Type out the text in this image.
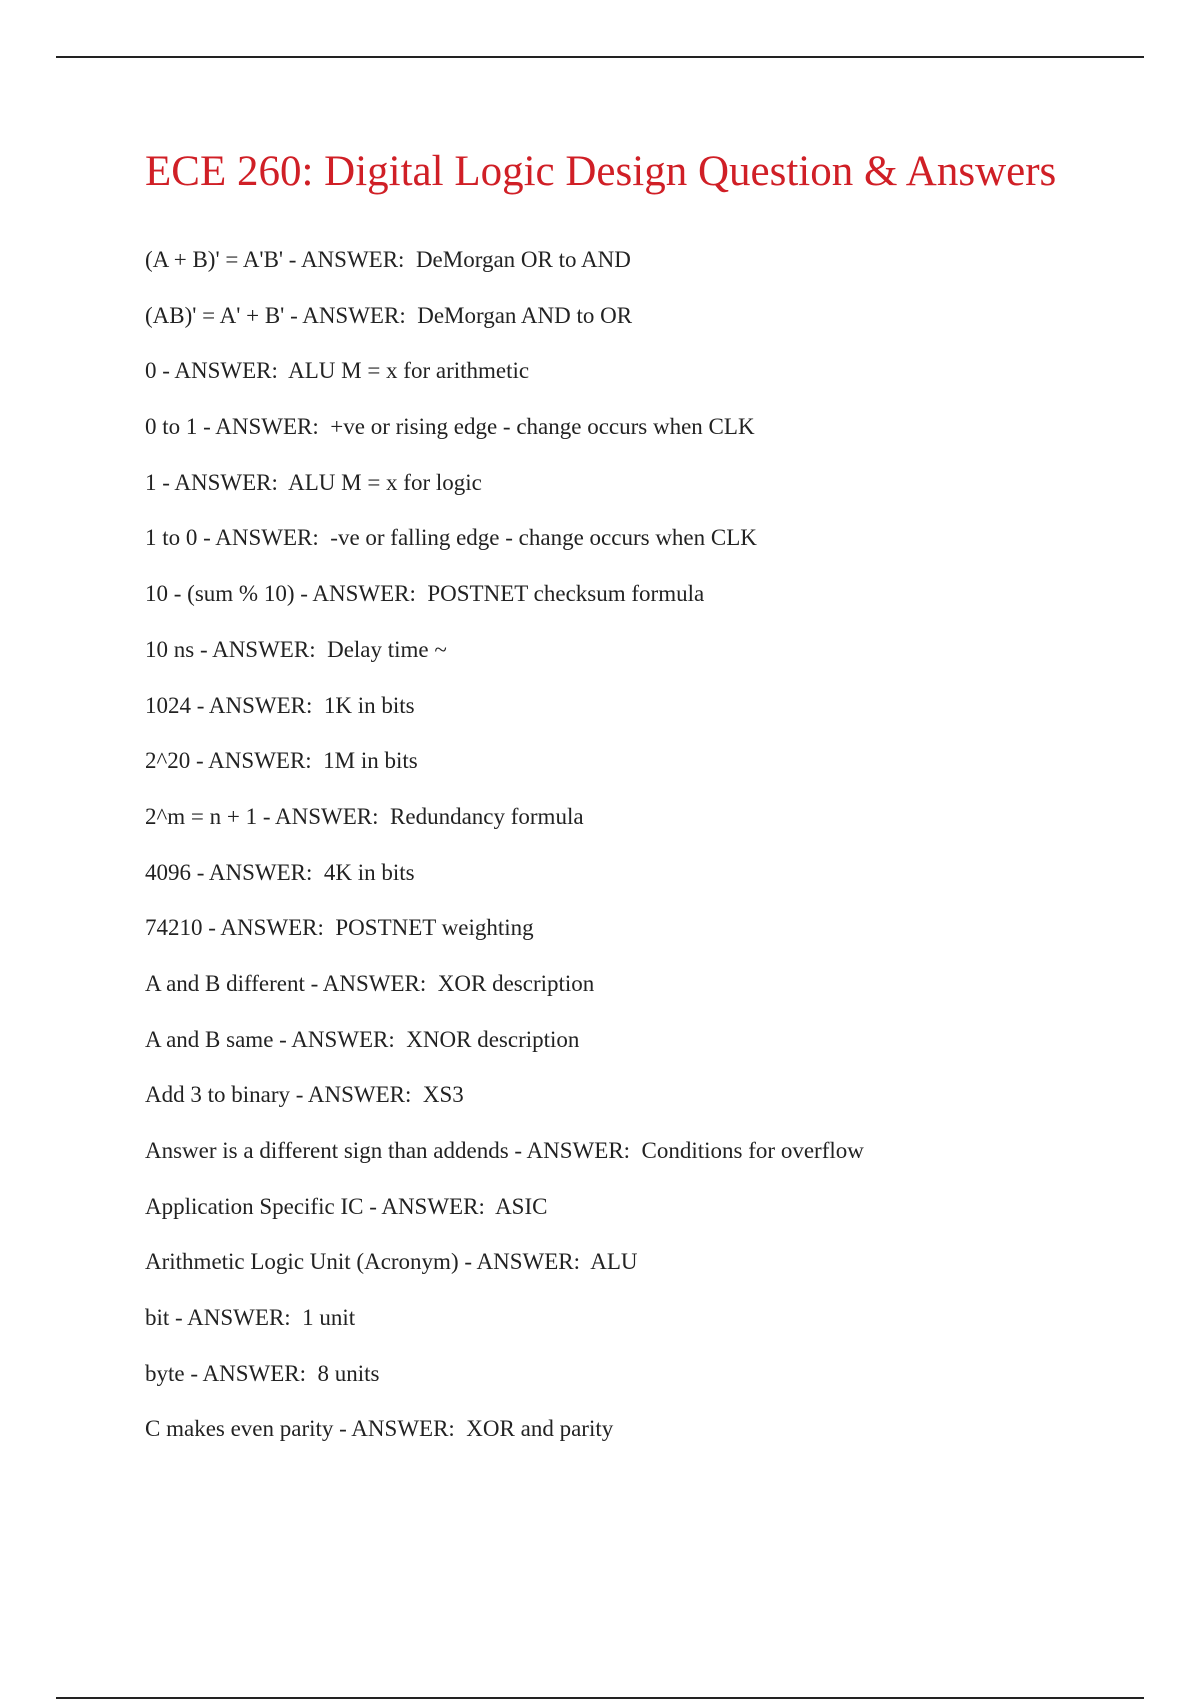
ECE 260: Digital Logic Design Question & Answers
(A + B)' = A'B' - ANSWER:  DeMorgan OR to AND
(AB)' = A' + B' - ANSWER:  DeMorgan AND to OR
0 - ANSWER:  ALU M = x for arithmetic
0 to 1 - ANSWER:  +ve or rising edge - change occurs when CLK
1 - ANSWER:  ALU M = x for logic
1 to 0 - ANSWER:  -ve or falling edge - change occurs when CLK
10 - (sum % 10) - ANSWER:  POSTNET checksum formula
10 ns - ANSWER:  Delay time ~
1024 - ANSWER:  1K in bits
2^20 - ANSWER:  1M in bits
2^m = n + 1 - ANSWER:  Redundancy formula
4096 - ANSWER:  4K in bits
74210 - ANSWER:  POSTNET weighting
A and B different - ANSWER:  XOR description
A and B same - ANSWER:  XNOR description
Add 3 to binary - ANSWER:  XS3
Answer is a different sign than addends - ANSWER:  Conditions for overflow
Application Specific IC - ANSWER:  ASIC
Arithmetic Logic Unit (Acronym) - ANSWER:  ALU
bit - ANSWER:  1 unit
byte - ANSWER:  8 units
C makes even parity - ANSWER:  XOR and parity
